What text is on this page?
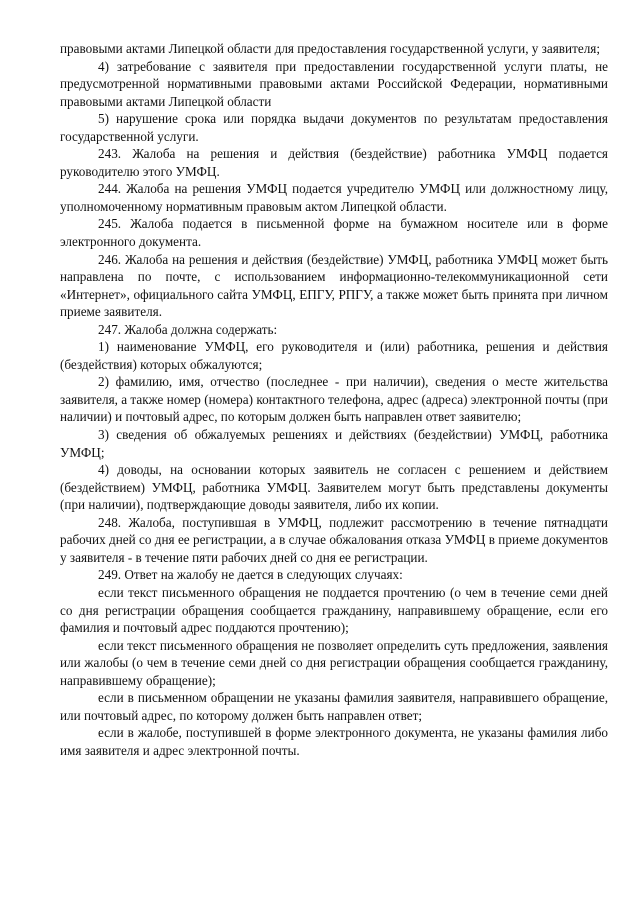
правовыми актами Липецкой области для предоставления государственной услуги, у заявителя;

4) затребование с заявителя при предоставлении государственной услуги платы, не предусмотренной нормативными правовыми актами Российской Федерации, нормативными правовыми актами Липецкой области

5) нарушение срока или порядка выдачи документов по результатам предоставления государственной услуги.

243. Жалоба на решения и действия (бездействие) работника УМФЦ подается руководителю этого УМФЦ.

244. Жалоба на решения УМФЦ подается учредителю УМФЦ или должностному лицу, уполномоченному нормативным правовым актом Липецкой области.

245. Жалоба подается в письменной форме на бумажном носителе или в форме электронного документа.

246. Жалоба на решения и действия (бездействие) УМФЦ, работника УМФЦ может быть направлена по почте, с использованием информационно-телекоммуникационной сети «Интернет», официального сайта УМФЦ, ЕПГУ, РПГУ, а также может быть принята при личном приеме заявителя.

247. Жалоба должна содержать:

1) наименование УМФЦ, его руководителя и (или) работника, решения и действия (бездействия) которых обжалуются;

2) фамилию, имя, отчество (последнее - при наличии), сведения о месте жительства заявителя, а также номер (номера) контактного телефона, адрес (адреса) электронной почты (при наличии) и почтовый адрес, по которым должен быть направлен ответ заявителю;

3) сведения об обжалуемых решениях и действиях (бездействии) УМФЦ, работника УМФЦ;

4) доводы, на основании которых заявитель не согласен с решением и действием (бездействием) УМФЦ, работника УМФЦ. Заявителем могут быть представлены документы (при наличии), подтверждающие доводы заявителя, либо их копии.

248. Жалоба, поступившая в УМФЦ, подлежит рассмотрению в течение пятнадцати рабочих дней со дня ее регистрации, а в случае обжалования отказа УМФЦ в приеме документов у заявителя - в течение пяти рабочих дней со дня ее регистрации.

249. Ответ на жалобу не дается в следующих случаях:

если текст письменного обращения не поддается прочтению (о чем в течение семи дней со дня регистрации обращения сообщается гражданину, направившему обращение, если его фамилия и почтовый адрес поддаются прочтению);

если текст письменного обращения не позволяет определить суть предложения, заявления или жалобы (о чем в течение семи дней со дня регистрации обращения сообщается гражданину, направившему обращение);

если в письменном обращении не указаны фамилия заявителя, направившего обращение, или почтовый адрес, по которому должен быть направлен ответ;

если в жалобе, поступившей в форме электронного документа, не указаны фамилия либо имя заявителя и адрес электронной почты.
